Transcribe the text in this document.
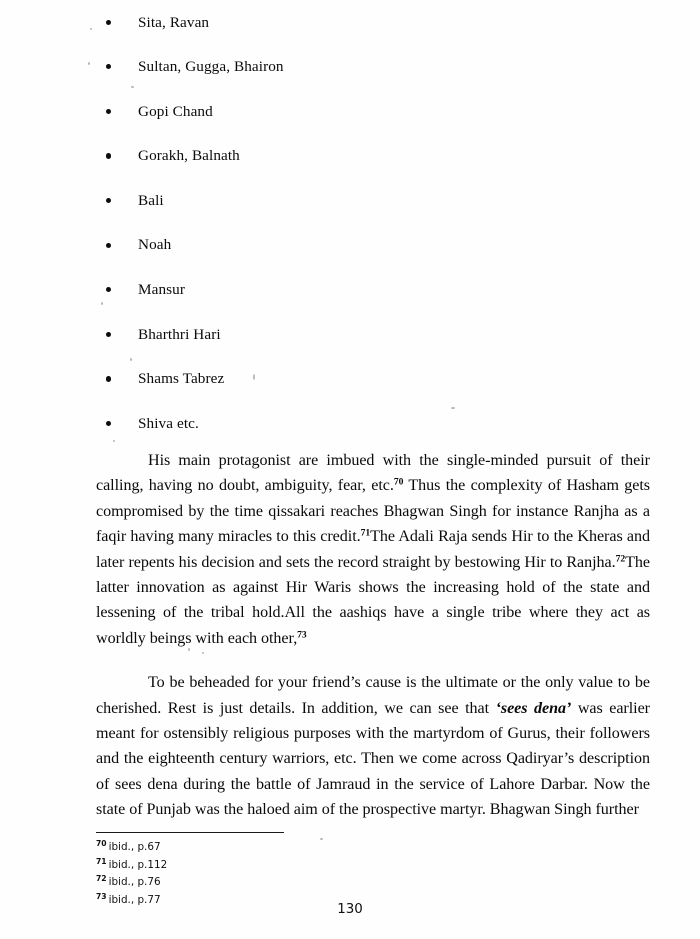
Sita, Ravan
Sultan, Gugga, Bhairon
Gopi Chand
Gorakh, Balnath
Bali
Noah
Mansur
Bharthri Hari
Shams Tabrez
Shiva etc.

His main protagonist are imbued with the single-minded pursuit of their calling, having no doubt, ambiguity, fear, etc.$^{70}$ Thus the complexity of Hasham gets compromised by the time qissakari reaches Bhagwan Singh for instance Ranjha as a faqir having many miracles to this credit.$^{71}$The Adali Raja sends Hir to the Kheras and later repents his decision and sets the record straight by bestowing Hir to Ranjha.$^{72}$The latter innovation as against Hir Waris shows the increasing hold of the state and lessening of the tribal hold.All the aashiqs have a single tribe where they act as worldly beings with each other,$^{73}$

To be beheaded for your friend’s cause is the ultimate or the only value to be cherished. Rest is just details. In addition, we can see that ‘sees dena’ was earlier meant for ostensibly religious purposes with the martyrdom of Gurus, their followers and the eighteenth century warriors, etc. Then we come across Qadiryar’s description of sees dena during the battle of Jamraud in the service of Lahore Darbar. Now the state of Punjab was the haloed aim of the prospective martyr. Bhagwan Singh further

$^{70}$ ibid., p.67
$^{71}$ ibid., p.112
$^{72}$ ibid., p.76
$^{73}$ ibid., p.77
130
